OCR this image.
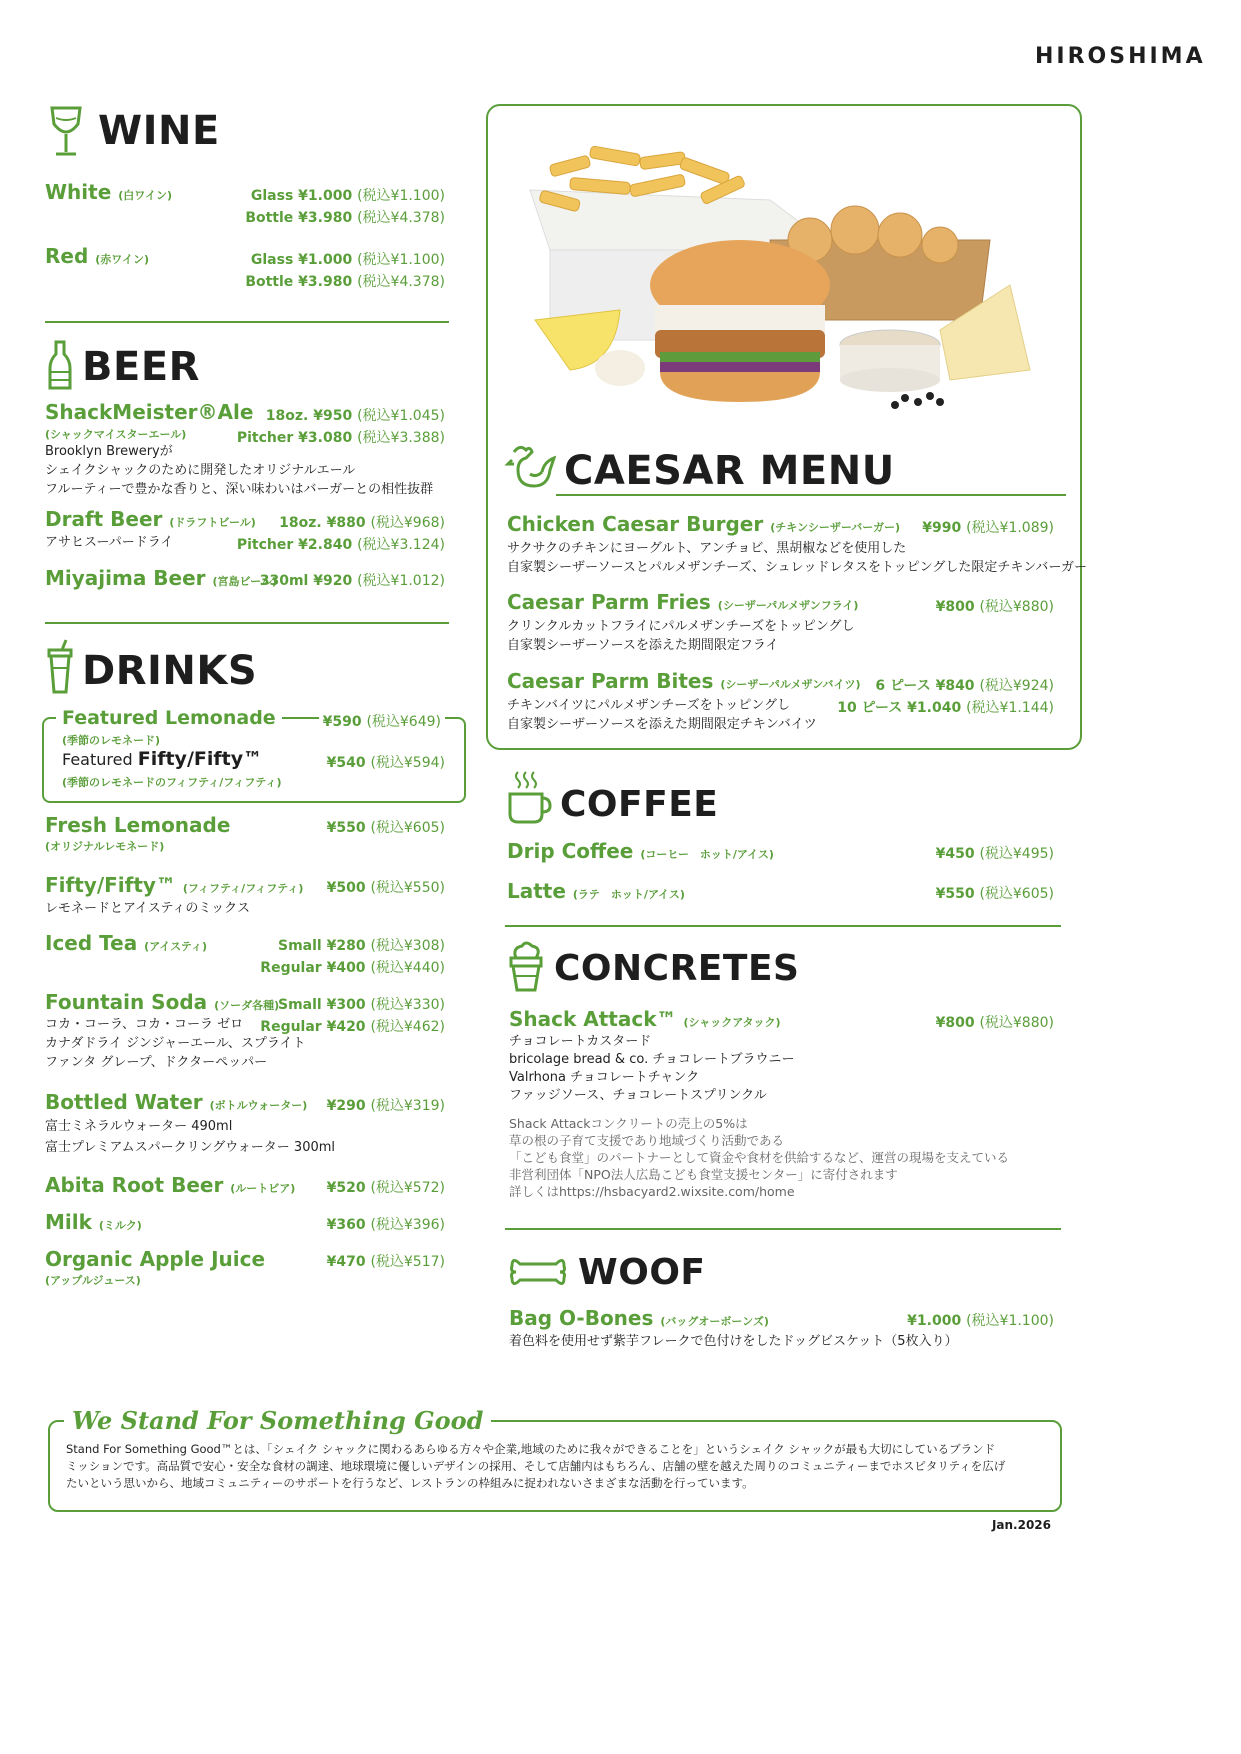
HIROSHIMA
WINE
White (白ワイン)	Glass ¥1.000 (税込¥1.100)
Bottle ¥3.980 (税込¥4.378)
Red (赤ワイン)	Glass ¥1.000 (税込¥1.100)
Bottle ¥3.980 (税込¥4.378)
BEER
ShackMeister®Ale
(シャックマイスターエール)
18oz. ¥950 (税込¥1.045)
Pitcher ¥3.080 (税込¥3.388)
Brooklyn Breweryが
シェイクシャックのために開発したオリジナルエール
フルーティーで豊かな香りと、深い味わいはバーガーとの相性抜群
Draft Beer (ドラフトビール)
アサヒスーパードライ
18oz. ¥880 (税込¥968)
Pitcher ¥2.840 (税込¥3.124)
Miyajima Beer (宮島ビール)
330ml ¥920 (税込¥1.012)
DRINKS
Featured Lemonade
(季節のレモネード)
¥590 (税込¥649)
Featured Fifty/Fifty™
(季節のレモネードのフィフティ/フィフティ)
¥540 (税込¥594)
Fresh Lemonade
(オリジナルレモネード)
¥550 (税込¥605)
Fifty/Fifty™ (フィフティ/フィフティ)
レモネードとアイスティのミックス
¥500 (税込¥550)
Iced Tea (アイスティ)	Small ¥280 (税込¥308)
Regular ¥400 (税込¥440)
Fountain Soda (ソーダ各種)
Small ¥300 (税込¥330)
Regular ¥420 (税込¥462)
コカ・コーラ、コカ・コーラ ゼロ
カナダドライ ジンジャーエール、スプライト
ファンタ グレープ、ドクターペッパー
Bottled Water (ボトルウォーター) ¥290 (税込¥319)
富士ミネラルウォーター 490ml
富士プレミアムスパークリングウォーター 300ml
Abita Root Beer (ルートビア) ¥520 (税込¥572)
Milk (ミルク)	¥360 (税込¥396)
Organic Apple Juice
(アップルジュース)
¥470 (税込¥517)
CAESAR MENU
Chicken Caesar Burger (チキンシーザーバーガー) ¥990 (税込¥1.089)
サクサクのチキンにヨーグルト、アンチョビ、黒胡椒などを使用した
自家製シーザーソースとパルメザンチーズ、シュレッドレタスをトッピングした限定チキンバーガー
Caesar Parm Fries (シーザーパルメザンフライ)	¥800 (税込¥880)
クリンクルカットフライにパルメザンチーズをトッピングし
自家製シーザーソースを添えた期間限定フライ
Caesar Parm Bites (シーザーパルメザンバイツ) 6 ピース ¥840 (税込¥924)
10 ピース ¥1.040 (税込¥1.144)
チキンバイツにパルメザンチーズをトッピングし
自家製シーザーソースを添えた期間限定チキンバイツ
COFFEE
Drip Coffee (コーヒー　ホット/アイス)	¥450 (税込¥495)
Latte (ラテ　ホット/アイス)	¥550 (税込¥605)
CONCRETES
Shack Attack™ (シャックアタック)	¥800 (税込¥880)
チョコレートカスタード
bricolage bread & co. チョコレートブラウニー
Valrhona チョコレートチャンク
ファッジソース、チョコレートスプリンクル
Shack Attackコンクリートの売上の5%は
草の根の子育て支援であり地域づくり活動である
「こども食堂」のパートナーとして資金や食材を供給するなど、運営の現場を支えている
非営利団体「NPO法人広島こども食堂支援センター」に寄付されます
詳しくはhttps://hsbacyard2.wixsite.com/home
WOOF
Bag O-Bones (バッグオーボーンズ)	¥1.000 (税込¥1.100)
着色料を使用せず紫芋フレークで色付けをしたドッグビスケット（5枚入り）
We Stand For Something Good
Stand For Something Good™とは、「シェイク シャックに関わるあらゆる方々や企業,地域のために我々ができることを」というシェイク シャックが最も大切にしているブランド
ミッションです。高品質で安心・安全な食材の調達、地球環境に優しいデザインの採用、そして店舗内はもちろん、店舗の壁を越えた周りのコミュニティーまでホスピタリティを広げ
たいという思いから、地域コミュニティーのサポートを行うなど、レストランの枠組みに捉われないさまざまな活動を行っています。
Jan.2026
